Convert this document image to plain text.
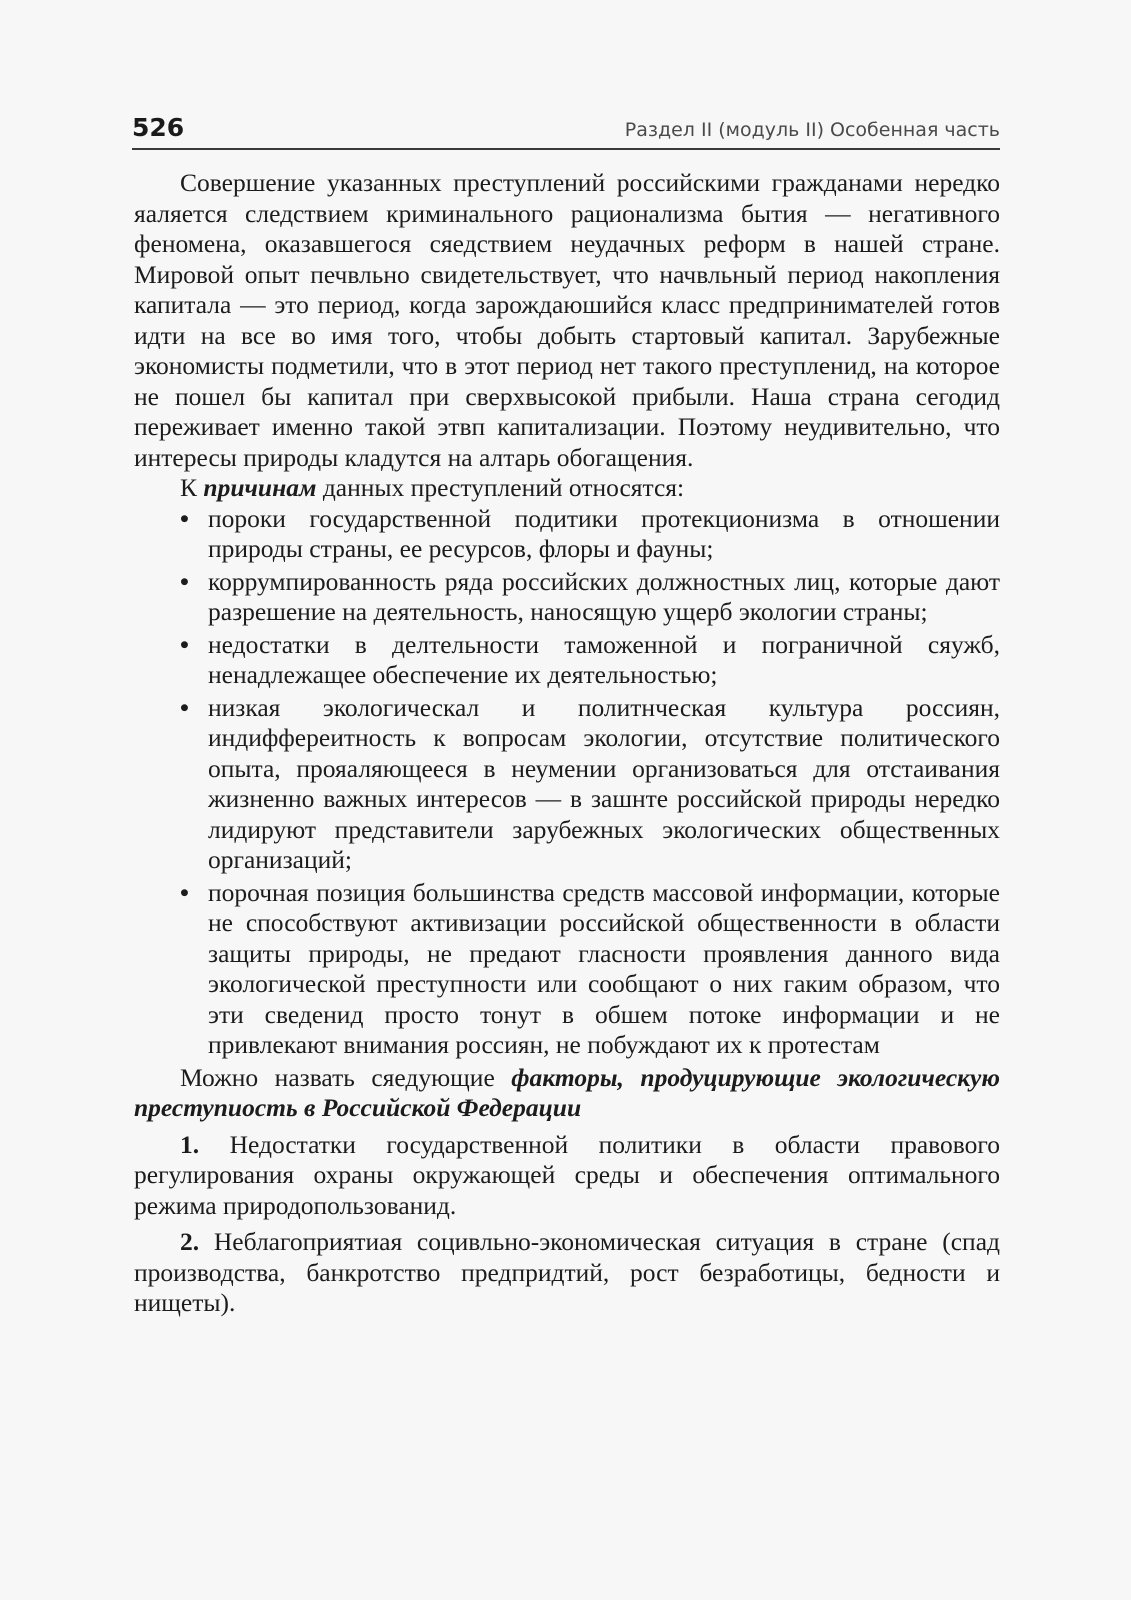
526	Раздел II (модуль II) Особенная часть

Совершение указанных преступлений российскими гражданами нередко яаляется следствием криминального рационализма бытия — негативного феномена, оказавшегося сяедствием неудачных реформ в нашей стране. Мировой опыт печвльно свидетельствует, что начвльный период накопления капитала — это период, когда зарождаюшийся класс предпринимателей готов идти на все во имя того, чтобы добыть стартовый капитал. Зарубежные экономисты подметили, что в этот период нет такого преступленид, на которое не пошел бы капитал при сверхвысокой прибыли. Наша страна сегодид переживает именно такой этвп капитализации. Поэтому неудивительно, что интересы природы кладутся на алтарь обогащения.

К причинам данных преступлений относятся:

• пороки государственной подитики протекционизма в отношении природы страны, ее ресурсов, флоры и фауны;
• коррумпированность ряда российских должностных лиц, которые дают разрешение на деятельность, наносящую ущерб экологии страны;
• недостатки в делтельности таможенной и пограничной сяужб, ненадлежащее обеспечение их деятельностью;
• низкая экологическал и политнческая культура россиян, индиффереитность к вопросам экологии, отсутствие политического опыта, прояаляющееся в неумении организоваться для отстаивания жизненно важных интересов — в зашнте российской природы нередко лидируют представители зарубежных экологических общественных организаций;
• порочная позиция большинства средств массовой информации, которые не способствуют активизации российской общественности в области защиты природы, не предают гласности проявления данного вида экологической преступности или сообщают о них гаким образом, что эти сведенид просто тонут в обшем потоке информации и не привлекают внимания россиян, не побуждают их к протестам

Можно назвать сяедующие факторы, продуцирующие экологическую преступиость в Российской Федерации

1. Недостатки государственной политики в области правового регулирования охраны окружающей среды и обеспечения оптимального режима природопользованид.

2. Неблагоприятиая социвльно-экономическая ситуация в стране (спад производства, банкротство предпридтий, рост безработицы, бедности и нищеты).
